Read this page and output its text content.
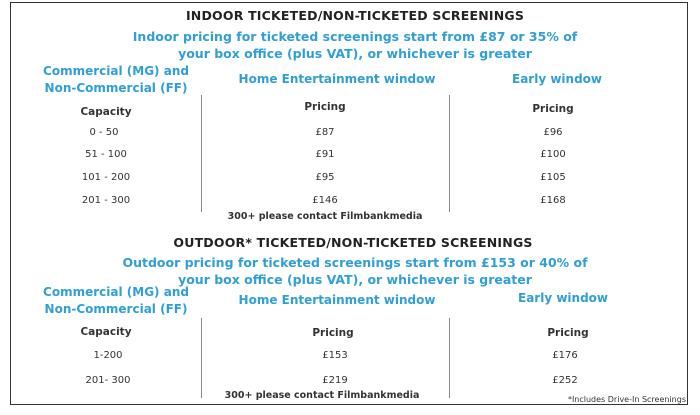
INDOOR TICKETED/NON-TICKETED SCREENINGS
Indoor pricing for ticketed screenings start from £87 or 35% of
your box office (plus VAT), or whichever is greater
Commercial (MG) and
Non-Commercial (FF)
Home Entertainment window	Early window
Capacity	Pricing	Pricing
0 - 50	£87	£96
51 - 100	£91	£100
101 - 200	£95	£105
201 - 300	£146	£168
300+ please contact Filmbankmedia
OUTDOOR* TICKETED/NON-TICKETED SCREENINGS
Outdoor pricing for ticketed screenings start from £153 or 40% of
your box office (plus VAT), or whichever is greater
Commercial (MG) and
Non-Commercial (FF)
Home Entertainment window	Early window
Capacity	Pricing	Pricing
1-200	£153	£176
201- 300	£219	£252
300+ please contact Filmbankmedia	*Includes Drive-In Screenings
